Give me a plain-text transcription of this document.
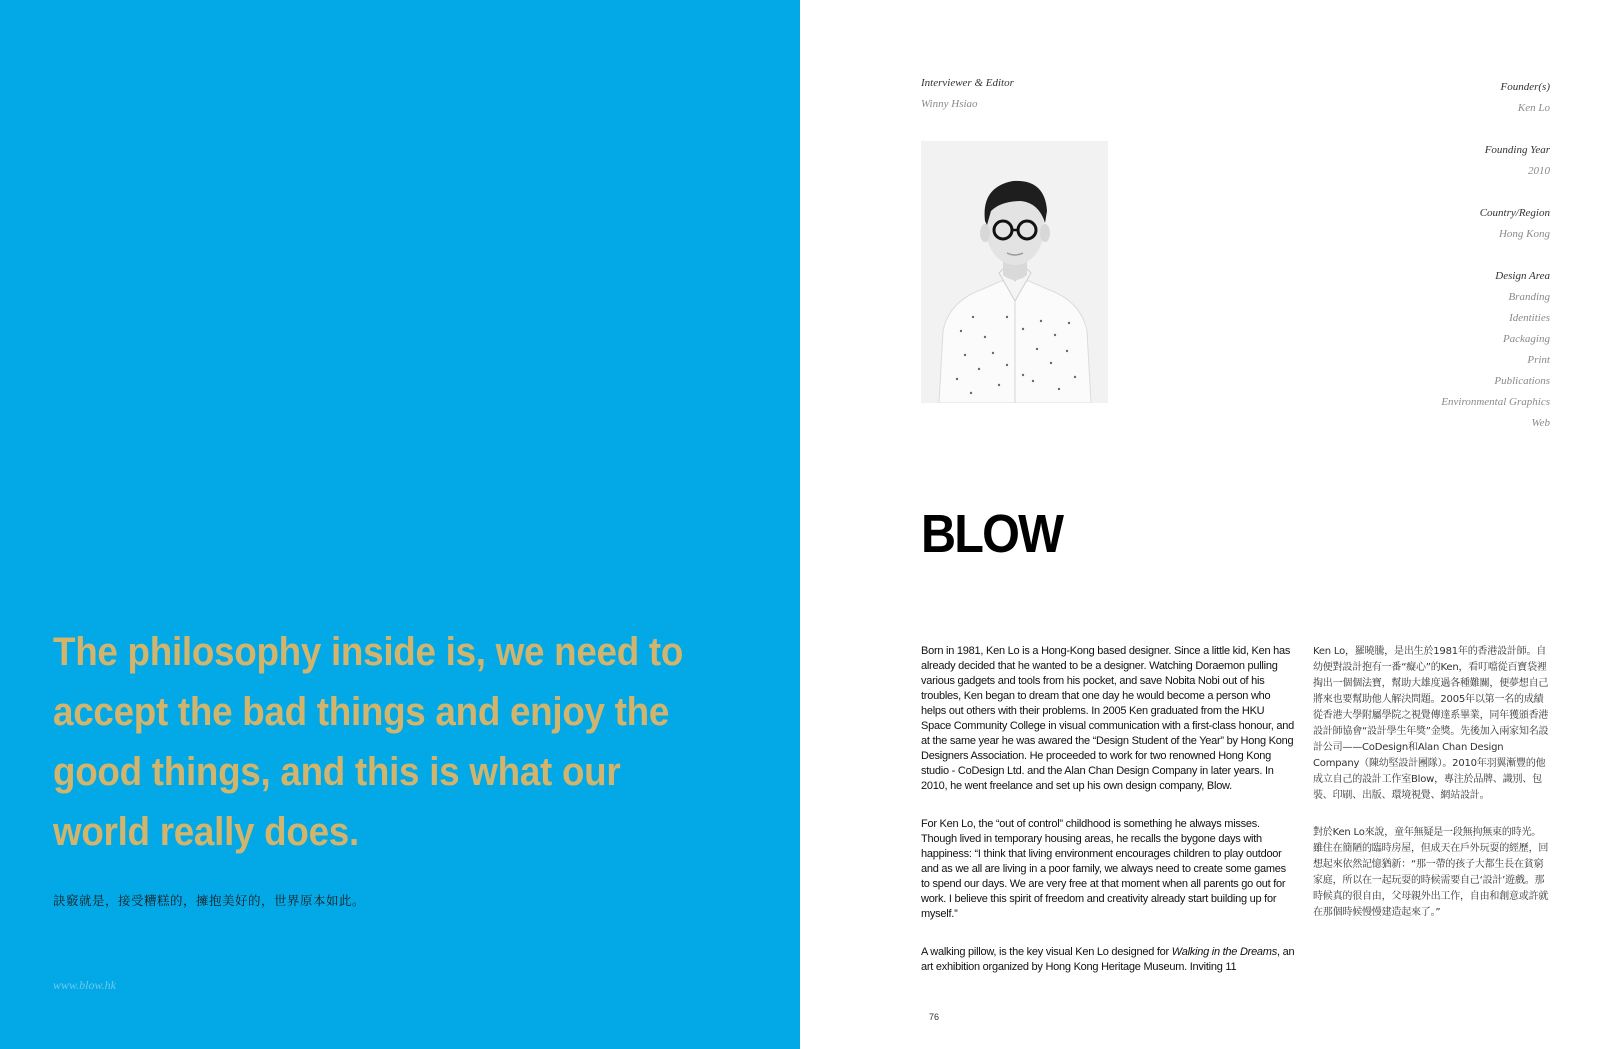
The philosophy inside is, we need to accept the bad things and enjoy the good things, and this is what our world really does.

訣竅就是，接受糟糕的，擁抱美好的，世界原本如此。
www.blow.hk
Interviewer & Editor
Winny Hsiao
Founder(s)
Ken Lo
Founding Year
2010
Country/Region
Hong Kong
Design Area
Branding
Identities
Packaging
Print
Publications
Environmental Graphics
Web
BLOW

Born in 1981, Ken Lo is a Hong-Kong based designer. Since a little kid, Ken has already decided that he wanted to be a designer. Watching Doraemon pulling various gadgets and tools from his pocket, and save Nobita Nobi out of his troubles, Ken began to dream that one day he would become a person who helps out others with their problems. In 2005 Ken graduated from the HKU Space Community College in visual communication with a first-class honour, and at the same year he was awared the “Design Student of the Year” by Hong Kong Designers Association. He proceeded to work for two renowned Hong Kong studio - CoDesign Ltd. and the Alan Chan Design Company in later years. In 2010, he went freelance and set up his own design company, Blow.

For Ken Lo, the “out of control” childhood is something he always misses. Though lived in temporary housing areas, he recalls the bygone days with happiness: “I think that living environment encourages children to play outdoor and as we all are living in a poor family, we always need to create some games to spend our days. We are very free at that moment when all parents go out for work. I believe this spirit of freedom and creativity already start building up for myself.”

A walking pillow, is the key visual Ken Lo designed for Walking in the Dreams, an art exhibition organized by Hong Kong Heritage Museum. Inviting 11

Ken Lo，羅曉騰，是出生於1981年的香港設計師。自幼便對設計抱有一番“癡心”的Ken，看叮噹從百寶袋裡掏出一個個法寶，幫助大雄度過各種難關，便夢想自己將來也要幫助他人解決問題。2005年以第一名的成績從香港大學附屬學院之視覺傳達系畢業，同年獲頒香港設計師協會“設計學生年獎”金獎。先後加入兩家知名設計公司——CoDesign和Alan Chan Design Company（陳幼堅設計團隊）。2010年羽翼漸豐的他成立自己的設計工作室Blow，專注於品牌、識別、包裝、印刷、出版、環境視覺、網站設計。

對於Ken Lo來說，童年無疑是一段無拘無束的時光。雖住在簡陋的臨時房屋，但成天在戶外玩耍的經歷，回想起來依然記憶猶新：“那一帶的孩子大都生長在貧窮家庭，所以在一起玩耍的時候需要自己‘設計’遊戲。那時候真的很自由，父母親外出工作，自由和創意或許就在那個時候慢慢建造起來了。”

76
